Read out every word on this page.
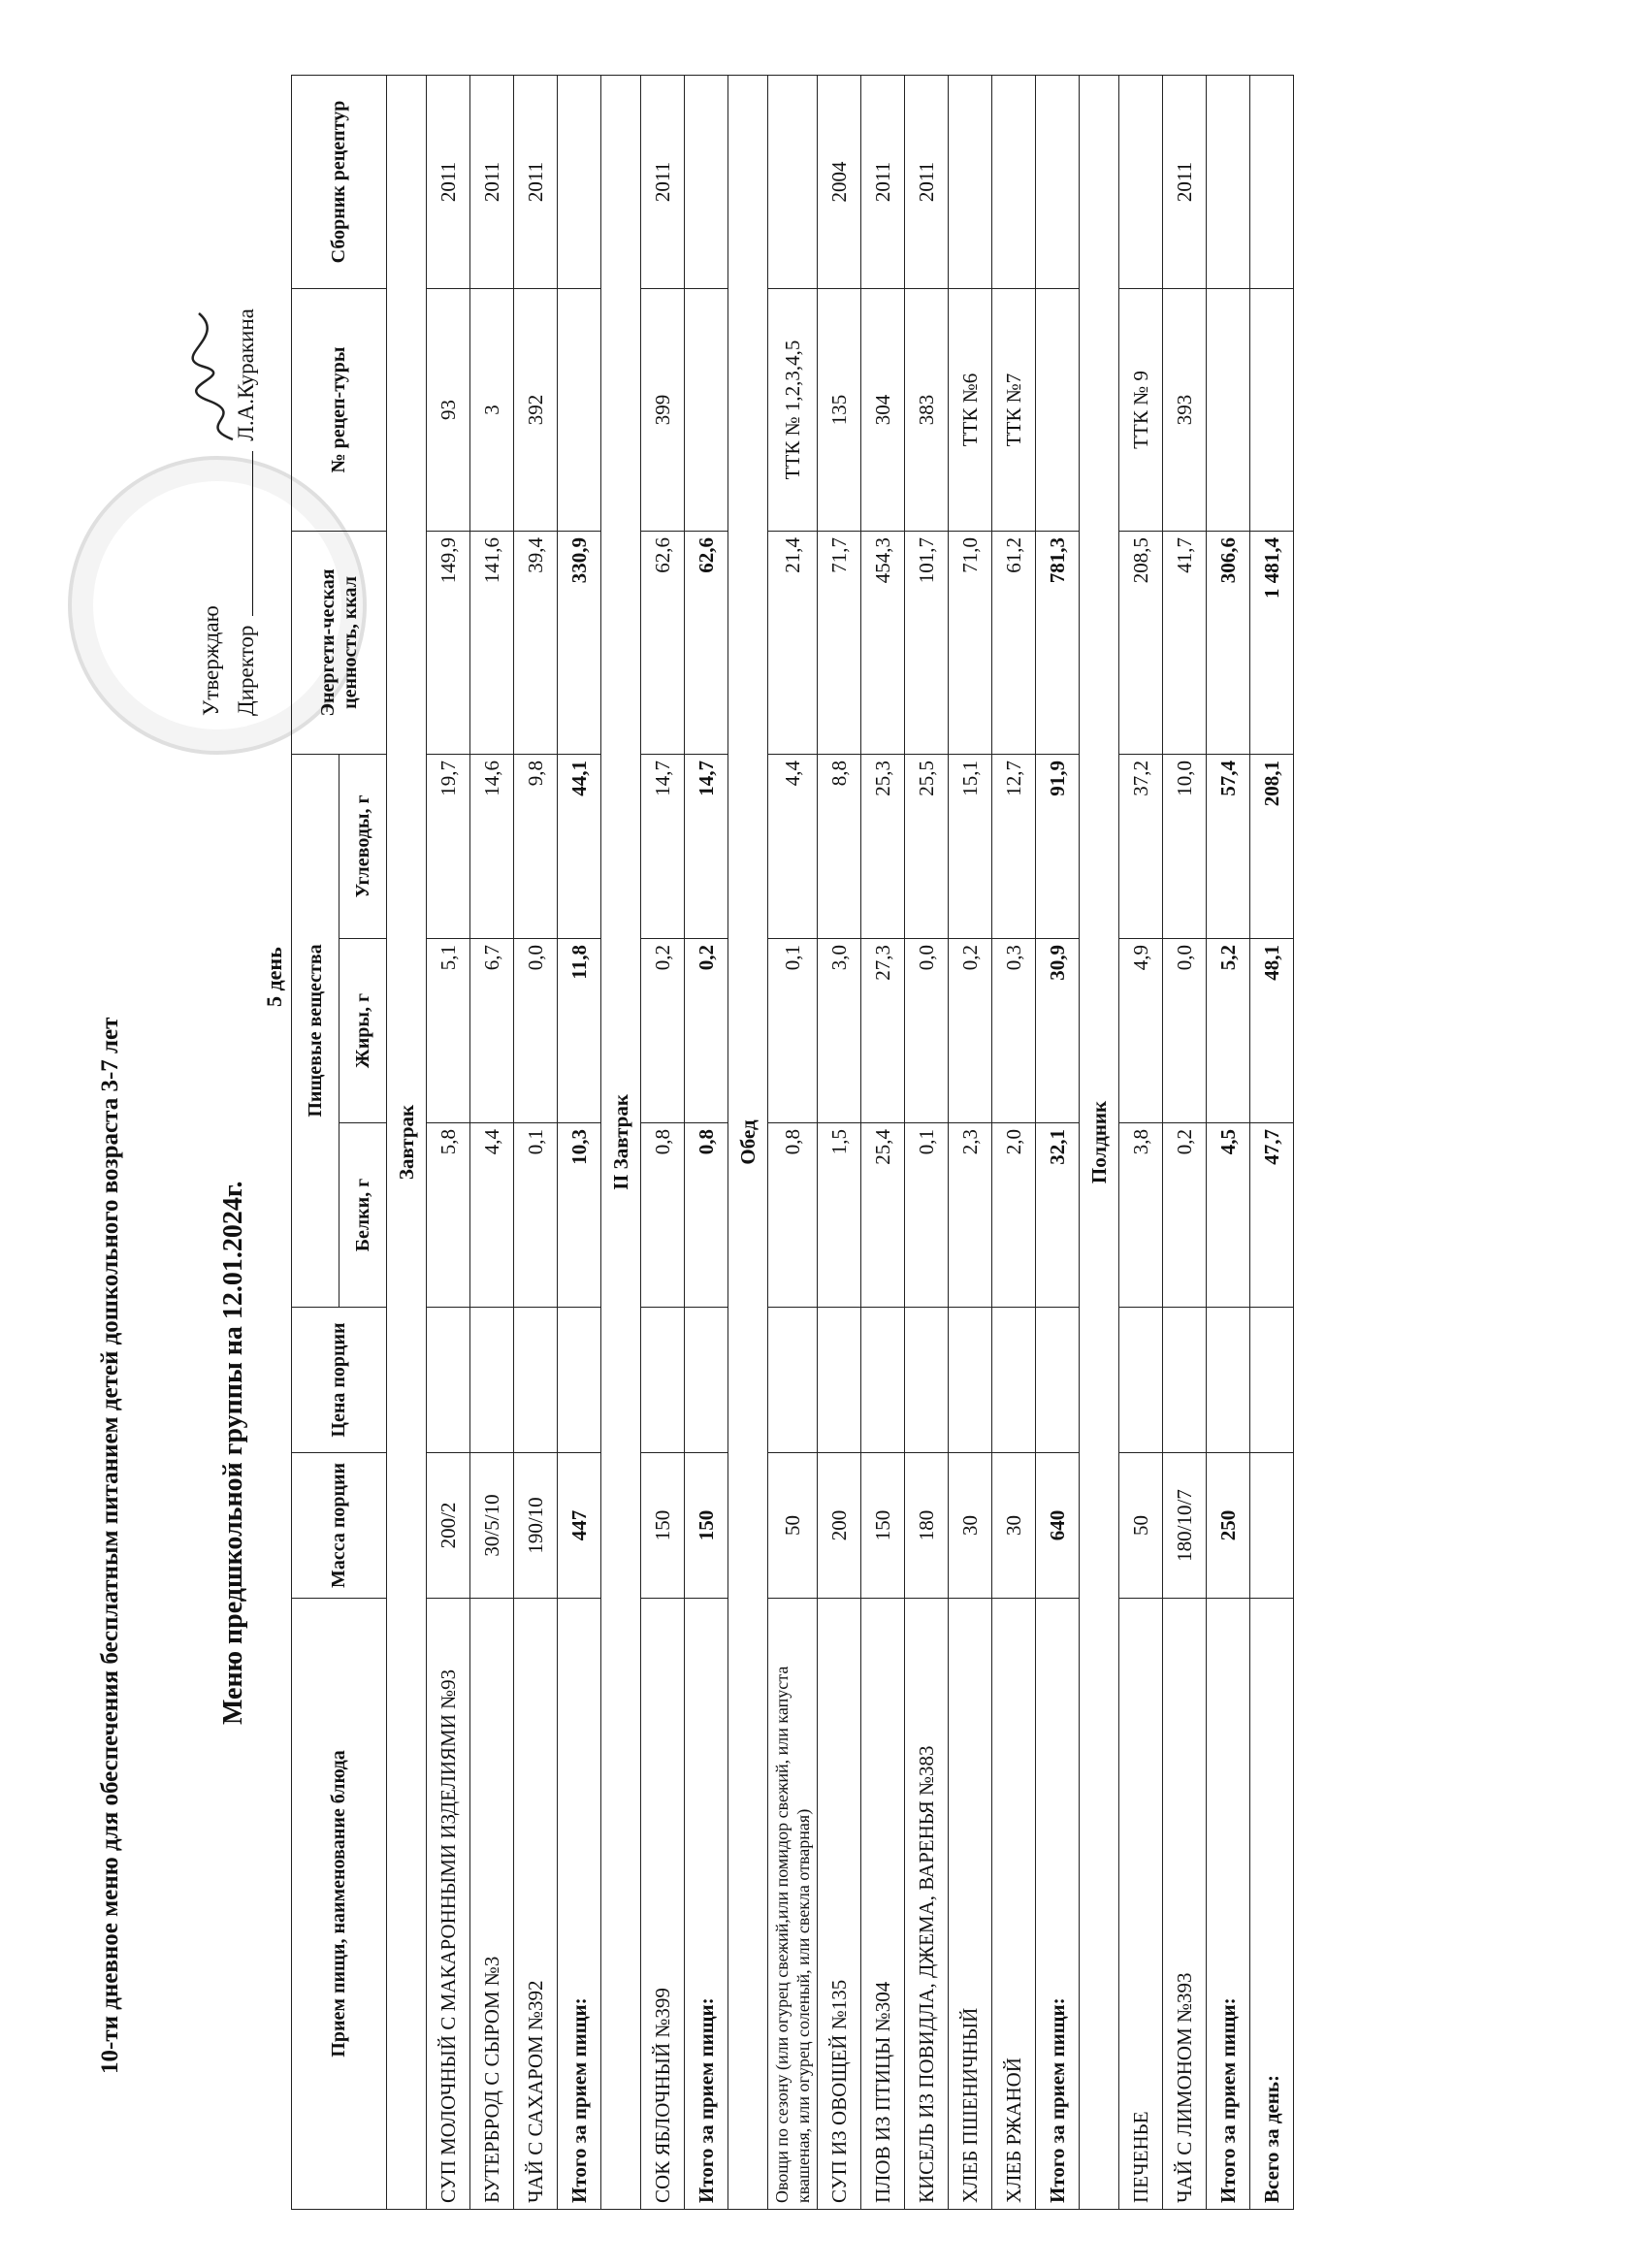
10-ти дневное меню для обеспечения бесплатным питанием детей дошкольного возраста 3-7 лет
Утверждаю Директор
Л.А.Куракина
Меню предшкольной группы на 12.01.2024г.
5 день
Прием пищи, наименование блюда	Масса порции	Цена порции	Пищевые вещества			Энергети-ческая ценность, ккал	№ рецеп-туры	Сборник рецептур
			Белки, г	Жиры, г	Углеводы, г			
Завтрак								
СУП МОЛОЧНЫЙ С МАКАРОННЫМИ ИЗДЕЛИЯМИ №93	200/2		5,8	5,1	19,7	149,9	93	2011
БУТЕРБРОД С СЫРОМ №3	30/5/10		4,4	6,7	14,6	141,6	3	2011
ЧАЙ С САХАРОМ №392	190/10		0,1	0,0	9,8	39,4	392	2011
Итого за прием пищи:	447		10,3	11,8	44,1	330,9		
II Завтрак								
СОК ЯБЛОЧНЫЙ №399	150		0,8	0,2	14,7	62,6	399	2011
Итого за прием пищи:	150		0,8	0,2	14,7	62,6		
Обед								
Овощи по сезону (или огурец свежий,или помидор свежий, или капуста квашеная, или огурец соленый, или свекла отварная)	50		0,8	0,1	4,4	21,4	ТТК № 1,2,3,4,5	
СУП ИЗ ОВОЩЕЙ №135	200		1,5	3,0	8,8	71,7	135	2004
ПЛОВ ИЗ ПТИЦЫ №304	150		25,4	27,3	25,3	454,3	304	2011
КИСЕЛЬ ИЗ ПОВИДЛА, ДЖЕМА, ВАРЕНЬЯ №383	180		0,1	0,0	25,5	101,7	383	2011
ХЛЕБ ПШЕНИЧНЫЙ	30		2,3	0,2	15,1	71,0	ТТК №6	
ХЛЕБ РЖАНОЙ	30		2,0	0,3	12,7	61,2	ТТК №7	
Итого за прием пищи:	640		32,1	30,9	91,9	781,3		
Полдник								
ПЕЧЕНЬЕ	50		3,8	4,9	37,2	208,5	ТТК № 9	
ЧАЙ С ЛИМОНОМ №393	180/10/7		0,2	0,0	10,0	41,7	393	2011
Итого за прием пищи:	250		4,5	5,2	57,4	306,6		
Всего за день:			47,7	48,1	208,1	1 481,4		
